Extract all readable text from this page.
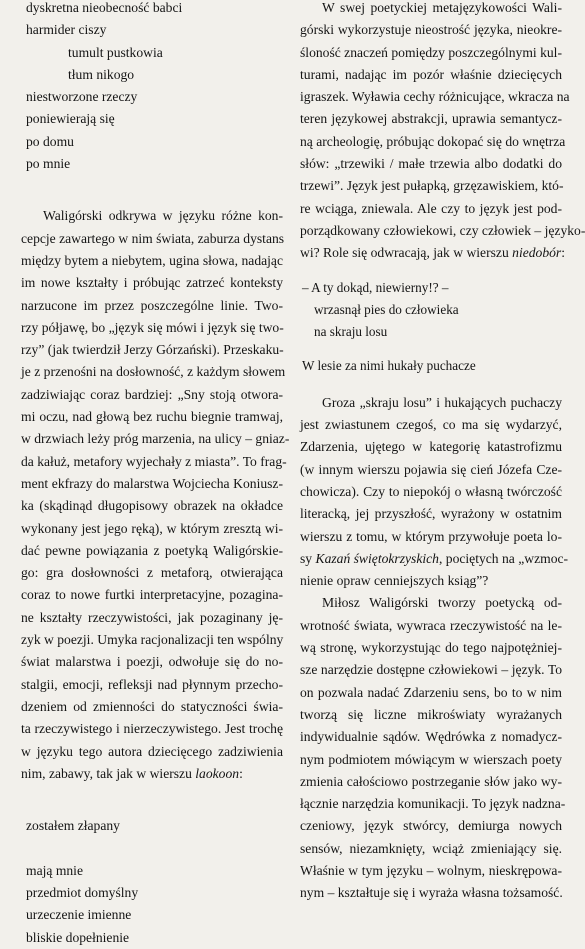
dyskretna nieobecność babci
harmider ciszy
tumult pustkowia
tłum nikogo
niestworzone rzeczy
poniewierają się
po domu
po mnie
Waligórski odkrywa w języku różne kon-
cepcje zawartego w nim świata, zaburza dystans
między bytem a niebytem, ugina słowa, nadając
im nowe kształty i próbując zatrzeć konteksty
narzucone im przez poszczególne linie. Two-
rzy półjawę, bo „język się mówi i język się two-
rzy” (jak twierdził Jerzy Górzański). Przeskaku-
je z przenośni na dosłowność, z każdym słowem
zadziwiając coraz bardziej: „Sny stoją otwora-
mi oczu, nad głową bez ruchu biegnie tramwaj,
w drzwiach leży próg marzenia, na ulicy – gniaz-
da kałuż, metafory wyjechały z miasta”. To frag-
ment ekfrazy do malarstwa Wojciecha Koniusz-
ka (skądinąd długopisowy obrazek na okładce
wykonany jest jego ręką), w którym zresztą wi-
dać pewne powiązania z poetyką Waligórskie-
go: gra dosłowności z metaforą, otwierająca
coraz to nowe furtki interpretacyjne, pozagina-
ne kształty rzeczywistości, jak pozaginany ję-
zyk w poezji. Umyka racjonalizacji ten wspólny
świat malarstwa i poezji, odwołuje się do no-
stalgii, emocji, refleksji nad płynnym przecho-
dzeniem od zmienności do statyczności świa-
ta rzeczywistego i nierzeczywistego. Jest trochę
w języku tego autora dziecięcego zadziwienia
nim, zabawy, tak jak w wierszu laokoon:
zostałem złapany
mają mnie
przedmiot domyślny
urzeczenie imienne
bliskie dopełnienie
W swej poetyckiej metajęzykowości Wali-
górski wykorzystuje nieostrość języka, nieokre-
śloność znaczeń pomiędzy poszczególnymi kul-
turami, nadając im pozór właśnie dziecięcych
igraszek. Wyławia cechy różnicujące, wkracza na
teren językowej abstrakcji, uprawia semantycz-
ną archeologię, próbując dokopać się do wnętrza
słów: „trzewiki / małe trzewia albo dodatki do
trzewi”. Język jest pułapką, grzęzawiskiem, któ-
re wciąga, zniewala. Ale czy to język jest pod-
porządkowany człowiekowi, czy człowiek – języko-
wi? Role się odwracają, jak w wierszu niedobór:
– A ty dokąd, niewierny!? –
wrzasnął pies do człowieka
na skraju losu
W lesie za nimi hukały puchacze
Groza „skraju losu” i hukających puchaczy
jest zwiastunem czegoś, co ma się wydarzyć,
Zdarzenia, ujętego w kategorię katastrofizmu
(w innym wierszu pojawia się cień Józefa Cze-
chowicza). Czy to niepokój o własną twórczość
literacką, jej przyszłość, wyrażony w ostatnim
wierszu z tomu, w którym przywołuje poeta lo-
sy Kazań świętokrzyskich, pociętych na „wzmoc-
nienie opraw cenniejszych ksiąg”?
Miłosz Waligórski tworzy poetycką od-
wrotność świata, wywraca rzeczywistość na le-
wą stronę, wykorzystując do tego najpotężniej-
sze narzędzie dostępne człowiekowi – język. To
on pozwala nadać Zdarzeniu sens, bo to w nim
tworzą się liczne mikroświaty wyrażanych
indywidualnie sądów. Wędrówka z nomadycz-
nym podmiotem mówiącym w wierszach poety
zmienia całościowo postrzeganie słów jako wy-
łącznie narzędzia komunikacji. To język nadzna-
czeniowy, język stwórcy, demiurga nowych
sensów, niezamknięty, wciąż zmieniający się.
Właśnie w tym języku – wolnym, nieskrępowa-
nym – kształtuje się i wyraża własna tożsamość.
